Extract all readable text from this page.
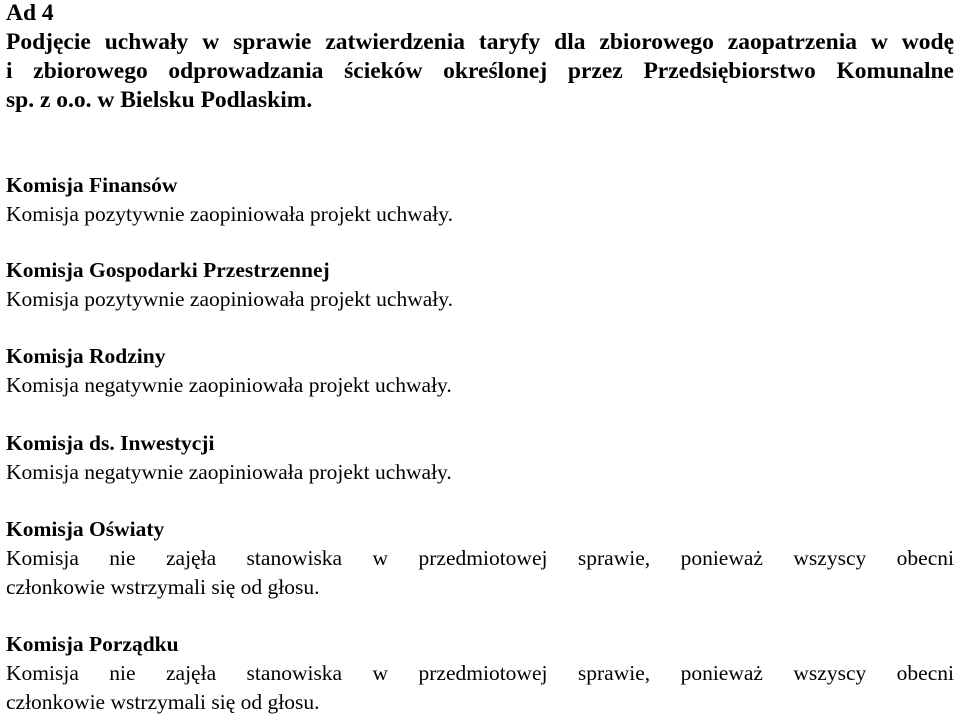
Ad 4

Podjęcie uchwały w sprawie zatwierdzenia taryfy dla zbiorowego zaopatrzenia w wodę
i zbiorowego odprowadzania ścieków określonej przez Przedsiębiorstwo Komunalne
sp. z o.o. w Bielsku Podlaskim.

Komisja Finansów

Komisja pozytywnie zaopiniowała projekt uchwały.

Komisja Gospodarki Przestrzennej

Komisja pozytywnie zaopiniowała projekt uchwały.

Komisja Rodziny

Komisja negatywnie zaopiniowała projekt uchwały.

Komisja ds. Inwestycji

Komisja negatywnie zaopiniowała projekt uchwały.

Komisja Oświaty

Komisja nie zajęła stanowiska w przedmiotowej sprawie, ponieważ wszyscy obecni
członkowie wstrzymali się od głosu.

Komisja Porządku

Komisja nie zajęła stanowiska w przedmiotowej sprawie, ponieważ wszyscy obecni
członkowie wstrzymali się od głosu.
